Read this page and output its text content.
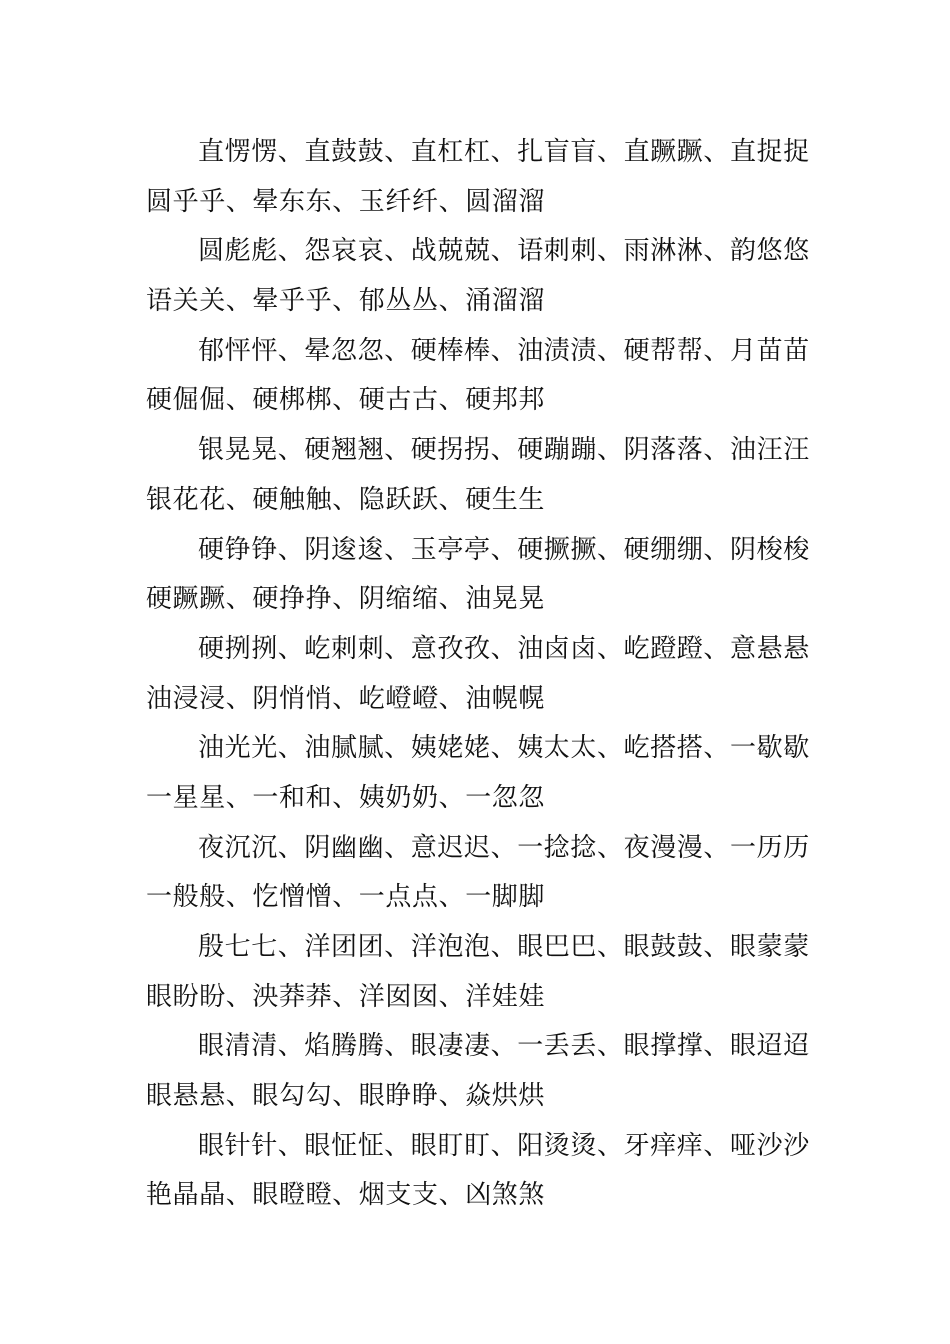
直愣愣、直鼓鼓、直杠杠、扎盲盲、直蹶蹶、直捉捉
圆乎乎、晕东东、玉纤纤、圆溜溜
圆彪彪、怨哀哀、战兢兢、语刺刺、雨淋淋、韵悠悠
语关关、晕乎乎、郁丛丛、涌溜溜
郁怦怦、晕忽忽、硬棒棒、油渍渍、硬帮帮、月苗苗
硬倔倔、硬梆梆、硬古古、硬邦邦
银晃晃、硬翘翘、硬拐拐、硬蹦蹦、阴落落、油汪汪
银花花、硬触触、隐跃跃、硬生生
硬铮铮、阴逡逡、玉亭亭、硬撅撅、硬绷绷、阴梭梭
硬蹶蹶、硬挣挣、阴缩缩、油晃晃
硬挒挒、屹刺刺、意孜孜、油卤卤、屹蹬蹬、意悬悬
油浸浸、阴悄悄、屹嶝嶝、油幌幌
油光光、油腻腻、姨姥姥、姨太太、屹搭搭、一歇歇
一星星、一和和、姨奶奶、一忽忽
夜沉沉、阴幽幽、意迟迟、一捻捻、夜漫漫、一历历
一般般、忔憎憎、一点点、一脚脚
殷七七、洋团团、洋泡泡、眼巴巴、眼鼓鼓、眼蒙蒙
眼盼盼、泱莽莽、洋囡囡、洋娃娃
眼清清、焰腾腾、眼凄凄、一丢丢、眼撑撑、眼迢迢
眼悬悬、眼勾勾、眼睁睁、焱烘烘
眼针针、眼怔怔、眼盯盯、阳烫烫、牙痒痒、哑沙沙
艳晶晶、眼瞪瞪、烟支支、凶煞煞
